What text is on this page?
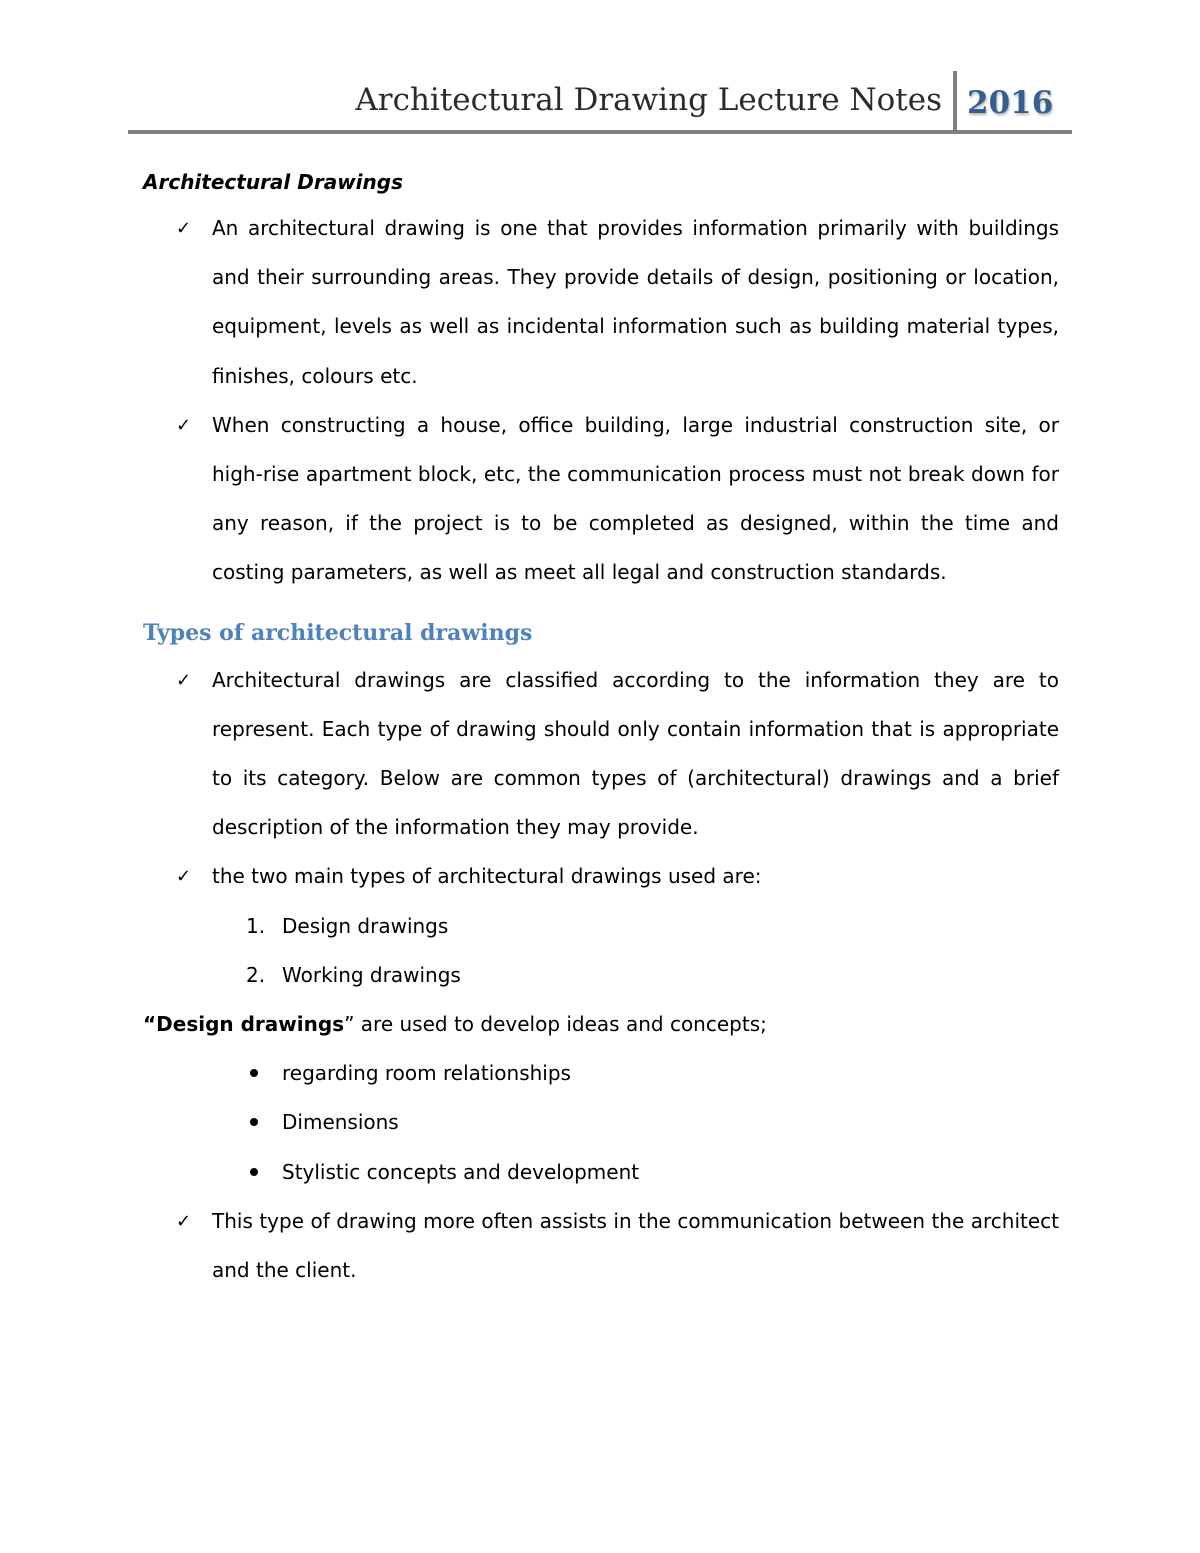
Architectural Drawing Lecture Notes 2016
Architectural Drawings
✓ An architectural drawing is one that provides information primarily with buildings and their surrounding areas. They provide details of design, positioning or location, equipment, levels as well as incidental information such as building material types, finishes, colours etc.

✓ When constructing a house, office building, large industrial construction site, or high-rise apartment block, etc, the communication process must not break down for any reason, if the project is to be completed as designed, within the time and costing parameters, as well as meet all legal and construction standards.

Types of architectural drawings
✓ Architectural drawings are classified according to the information they are to represent. Each type of drawing should only contain information that is appropriate to its category. Below are common types of (architectural) drawings and a brief description of the information they may provide.

✓ the two main types of architectural drawings used are:

1. Design drawings
2. Working drawings
“Design drawings” are used to develop ideas and concepts;
regarding room relationships
Dimensions
Stylistic concepts and development
✓ This type of drawing more often assists in the communication between the architect and the client.
